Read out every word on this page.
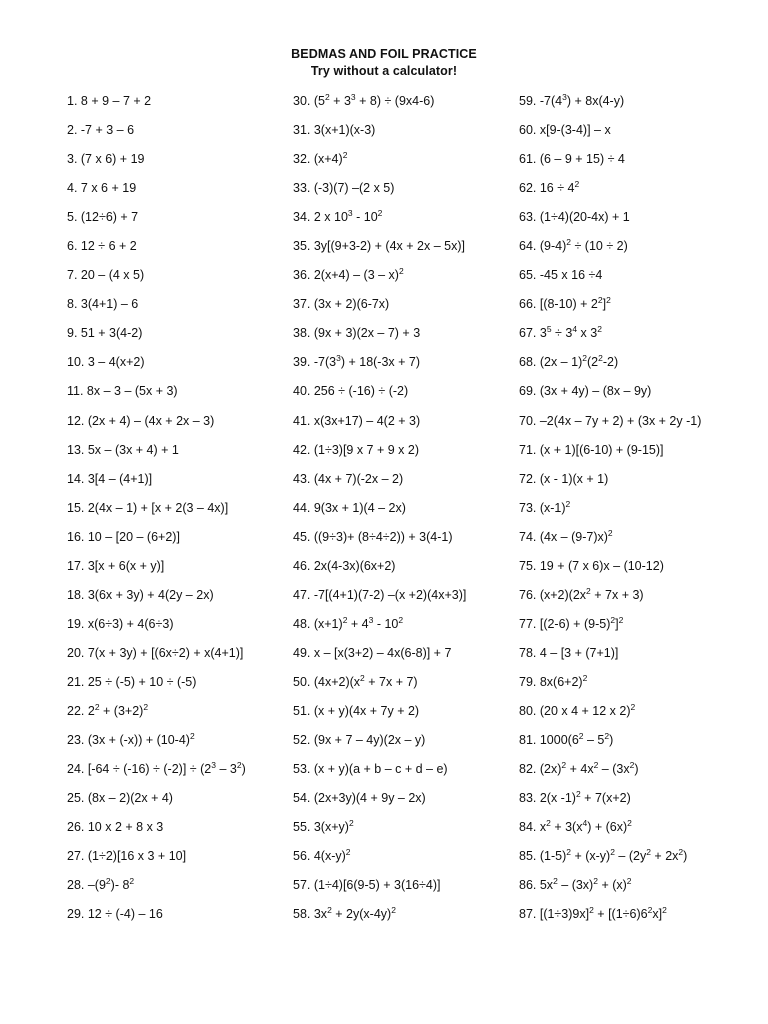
BEDMAS AND FOIL PRACTICE
Try without a calculator!
1. 8 + 9 – 7 + 2
2. -7 + 3 – 6
3. (7 x 6) + 19
4. 7 x 6 + 19
5. (12÷6) + 7
6. 12 ÷ 6 + 2
7. 20 – (4 x 5)
8. 3(4+1) – 6
9. 51 + 3(4-2)
10. 3 – 4(x+2)
11. 8x – 3 – (5x + 3)
12. (2x + 4) – (4x + 2x – 3)
13. 5x – (3x + 4) + 1
14. 3[4 – (4+1)]
15. 2(4x – 1) + [x + 2(3 – 4x)]
16. 10 – [20 – (6+2)]
17. 3[x + 6(x + y)]
18. 3(6x + 3y) + 4(2y – 2x)
19. x(6÷3) + 4(6÷3)
20. 7(x + 3y) + [(6x÷2) + x(4+1)]
21. 25 ÷ (-5) + 10 ÷ (-5)
22. $2^2 + (3+2)^2$
23. $(3x + (-x)) + (10-4)^2$
24. $[-64 \div (-16) \div (-2)] \div (2^3 - 3^2)$
25. (8x – 2)(2x + 4)
26. 10 x 2 + 8 x 3
27. (1÷2)[16 x 3 + 10]
28. $-(9^2)-$ $8^2$
29. 12 ÷ (-4) – 16
30. $(5^2 + 3^3 + 8) \div (9x4-6)$
31. 3(x+1)(x-3)
32. $(x+4)^2$
33. (-3)(7) –(2 x 5)
34. 2 x $10^3 - 10^2$
35. 3y[(9+3-2) + (4x + 2x – 5x)]
36. 2(x+4) – (3 – x)$^2$
37. (3x + 2)(6-7x)
38. (9x + 3)(2x – 7) + 3
39. $-7(3^3) + 18(-3x + 7)$
40. 256 ÷ (-16) ÷ (-2)
41. x(3x+17) – 4(2 + 3)
42. (1÷3)[9 x 7 + 9 x 2)
43. (4x + 7)(-2x – 2)
44. 9(3x + 1)(4 – 2x)
45. ((9÷3)+ (8÷4÷2)) + 3(4-1)
46. 2x(4-3x)(6x+2)
47. -7[(4+1)(7-2) –(x +2)(4x+3)]
48. $(x+1)^2 + 4^3 - 10^2$
49. x – [x(3+2) – 4x(6-8)] + 7
50. $(4x+2)(x^2 + 7x + 7)$
51. (x + y)(4x + 7y + 2)
52. (9x + 7 – 4y)(2x – y)
53. (x + y)(a + b – c + d – e)
54. (2x+3y)(4 + 9y – 2x)
55. $3(x+y)^2$
56. $4(x-y)^2$
57. (1÷4)[6(9-5) + 3(16÷4)]
58. $3x^2 + 2y(x-4y)^2$
59. $-7(4^3) + 8x(4-y)$
60. x[9-(3-4)] – x
61. (6 – 9 + 15) ÷ 4
62. $16 \div 4^2$
63. (1÷4)(20-4x) + 1
64. $(9-4)^2 \div (10 \div 2)$
65. -45 x 16 ÷4
66. $[(8-10) + 2^2]^2$
67. $3^5 \div 3^4$ x $3^2$
68. $(2x - 1)^2(2^2-2)$
69. (3x + 4y) – (8x – 9y)
70. –2(4x – 7y + 2) + (3x + 2y -1)
71. (x + 1)[(6-10) + (9-15)]
72. (x - 1)(x + 1)
73. $(x-1)^2$
74. (4x – (9-7)x)$^2$
75. 19 + (7 x 6)x – (10-12)
76. $(x+2)(2x^2 + 7x + 3)$
77. $[(2-6) + (9-5)^2]^2$
78. 4 – [3 + (7+1)]
79. $8x(6+2)^2$
80. (20 x 4 + 12 x 2)$^2$
81. $1000(6^2 - 5^2)$
82. $(2x)^2 + 4x^2 - (3x^2)$
83. 2(x -1)$^2$ + 7(x+2)
84. $x^2 + 3(x^4) + (6x)^2$
85. $(1-5)^2 + (x-y)^2 - (2y^2 + 2x^2)$
86. $5x^2 - (3x)^2 + (x)^2$
87. $[(1\div 3)9x]^2 + [(1\div 6)6^2x]^2$
